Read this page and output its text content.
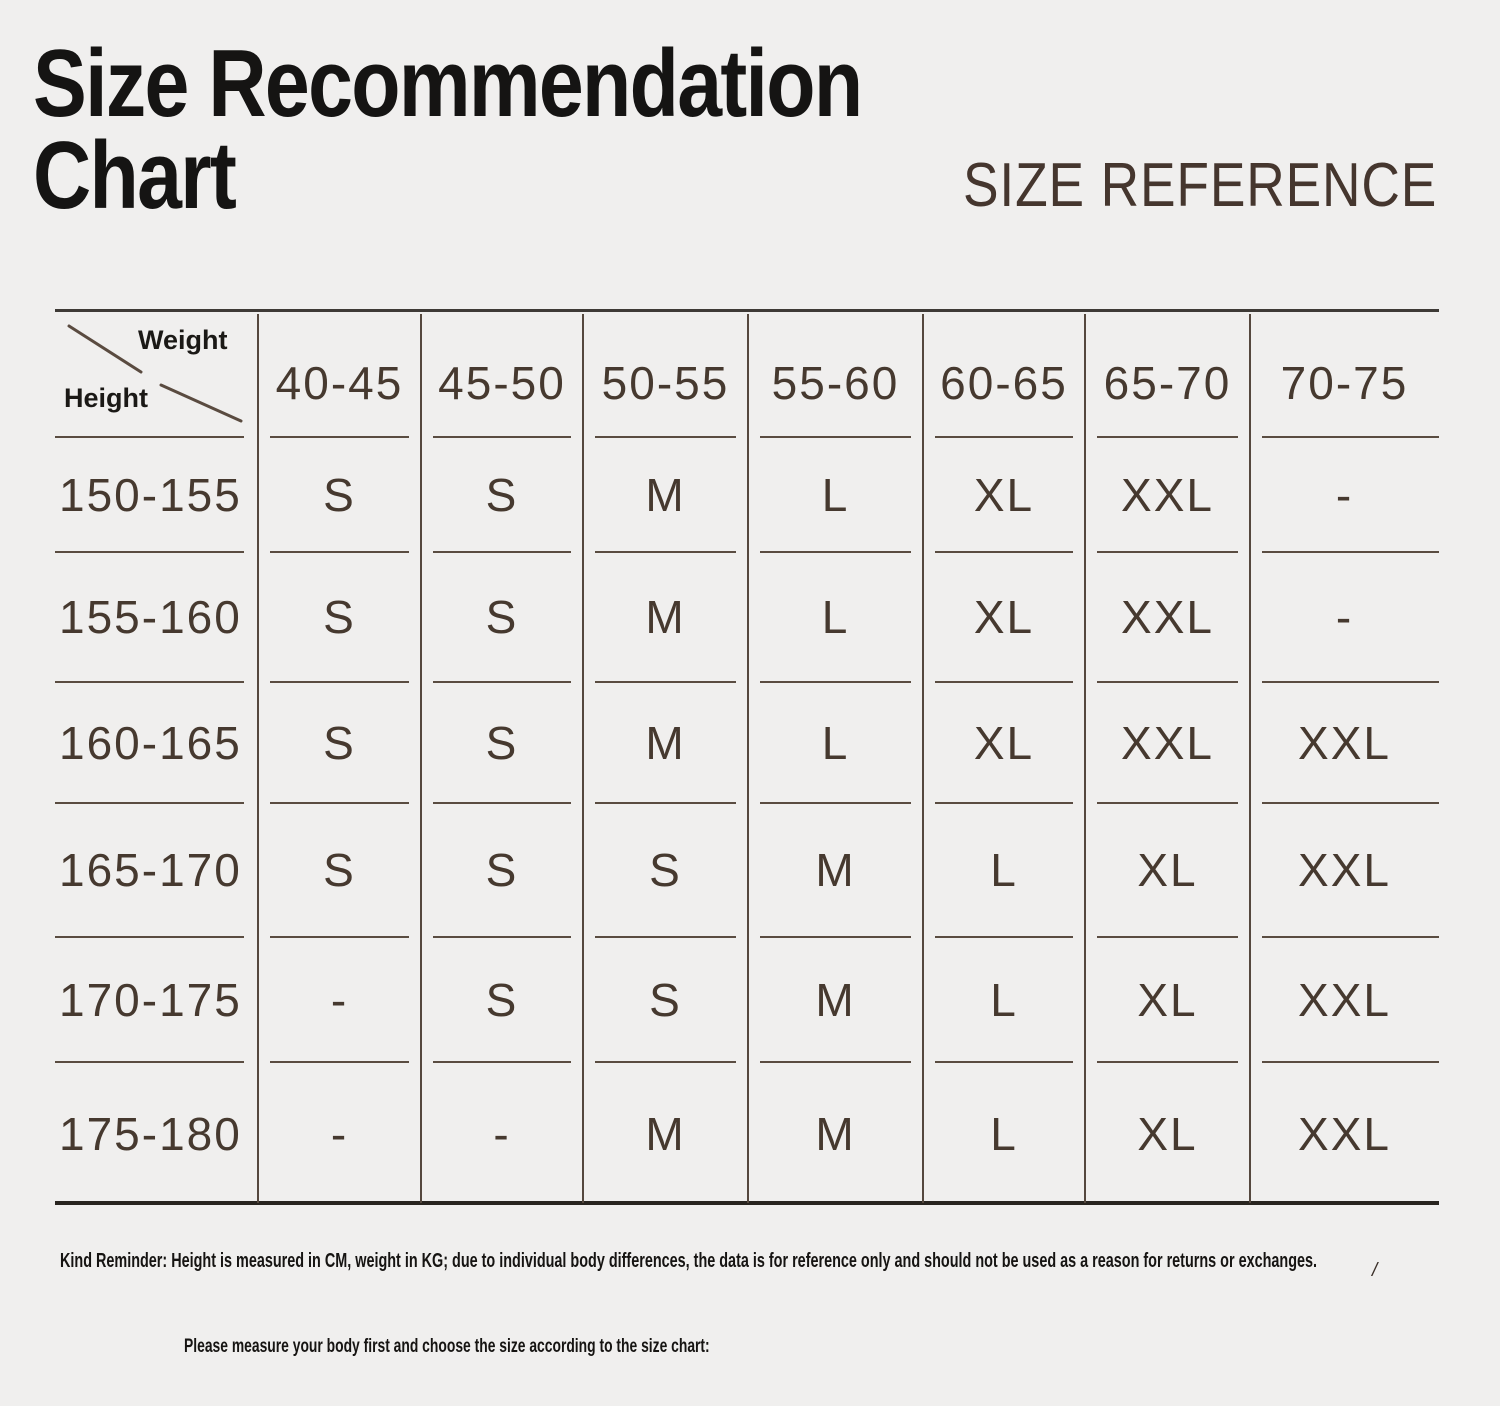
Size Recommendation
Chart	SIZE REFERENCE
Weight
Height	40-45 45-50 50-55 55-60 60-65 65-70	70-75
150-155	S	S	M	L	XL	XXL	-
155-160	S	S	M	L	XL	XXL	-
160-165	S	S	M	L	XL	XXL	XXL
165-170	S	S	S	M	L	XL	XXL
170-175	-	S	S	M	L	XL	XXL
175-180	-	-	M	M	L	XL	XXL
Kind Reminder: Height is measured in CM, weight in KG; due to individual body differences, the data is for reference only and should not be used as a reason for returns or exchanges.	/
Please measure your body first and choose the size according to the size chart:
